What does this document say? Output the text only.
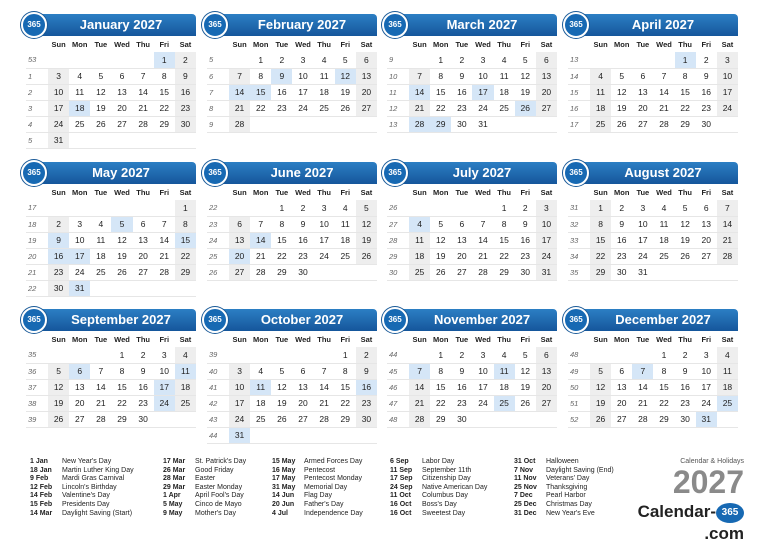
January 2027
365
	Sun	Mon	Tue	Wed	Thu	Fri	Sat
53						1	2
1	3	4	5	6	7	8	9
2	10	11	12	13	14	15	16
3	17	18	19	20	21	22	23
4	24	25	26	27	28	29	30
5	31						
February 2027
365
	Sun	Mon	Tue	Wed	Thu	Fri	Sat
5		1	2	3	4	5	6
6	7	8	9	10	11	12	13
7	14	15	16	17	18	19	20
8	21	22	23	24	25	26	27
9	28						
March 2027
365
	Sun	Mon	Tue	Wed	Thu	Fri	Sat
9		1	2	3	4	5	6
10	7	8	9	10	11	12	13
11	14	15	16	17	18	19	20
12	21	22	23	24	25	26	27
13	28	29	30	31			
April 2027
365
	Sun	Mon	Tue	Wed	Thu	Fri	Sat
13					1	2	3
14	4	5	6	7	8	9	10
15	11	12	13	14	15	16	17
16	18	19	20	21	22	23	24
17	25	26	27	28	29	30	
May 2027
365
	Sun	Mon	Tue	Wed	Thu	Fri	Sat
17							1
18	2	3	4	5	6	7	8
19	9	10	11	12	13	14	15
20	16	17	18	19	20	21	22
21	23	24	25	26	27	28	29
22	30	31					
June 2027
365
	Sun	Mon	Tue	Wed	Thu	Fri	Sat
22			1	2	3	4	5
23	6	7	8	9	10	11	12
24	13	14	15	16	17	18	19
25	20	21	22	23	24	25	26
26	27	28	29	30			
July 2027
365
	Sun	Mon	Tue	Wed	Thu	Fri	Sat
26					1	2	3
27	4	5	6	7	8	9	10
28	11	12	13	14	15	16	17
29	18	19	20	21	22	23	24
30	25	26	27	28	29	30	31
August 2027
365
	Sun	Mon	Tue	Wed	Thu	Fri	Sat
31	1	2	3	4	5	6	7
32	8	9	10	11	12	13	14
33	15	16	17	18	19	20	21
34	22	23	24	25	26	27	28
35	29	30	31				
September 2027
365
	Sun	Mon	Tue	Wed	Thu	Fri	Sat
35				1	2	3	4
36	5	6	7	8	9	10	11
37	12	13	14	15	16	17	18
38	19	20	21	22	23	24	25
39	26	27	28	29	30		
October 2027
365
	Sun	Mon	Tue	Wed	Thu	Fri	Sat
39						1	2
40	3	4	5	6	7	8	9
41	10	11	12	13	14	15	16
42	17	18	19	20	21	22	23
43	24	25	26	27	28	29	30
44	31						
November 2027
365
	Sun	Mon	Tue	Wed	Thu	Fri	Sat
44		1	2	3	4	5	6
45	7	8	9	10	11	12	13
46	14	15	16	17	18	19	20
47	21	22	23	24	25	26	27
48	28	29	30				
December 2027
365
	Sun	Mon	Tue	Wed	Thu	Fri	Sat
48				1	2	3	4
49	5	6	7	8	9	10	11
50	12	13	14	15	16	17	18
51	19	20	21	22	23	24	25
52	26	27	28	29	30	31	
1 Jan New Year's Day
18 Jan Martin Luther King Day
9 Feb Mardi Gras Carnival
12 Feb Lincoln's Birthday
14 Feb Valentine's Day
15 Feb Presidents Day
14 Mar Daylight Saving (Start)
17 Mar St. Patrick's Day
26 Mar Good Friday
28 Mar Easter
29 Mar Easter Monday
1 Apr April Fool's Day
5 May Cinco de Mayo
9 May Mother's Day
15 May Armed Forces Day
16 May Pentecost
17 May Pentecost Monday
31 May Memorial Day
14 Jun Flag Day
20 Jun Father's Day
4 Jul Independence Day
6 Sep Labor Day
11 Sep September 11th
17 Sep Citizenship Day
24 Sep Native American Day
11 Oct Columbus Day
16 Oct Boss's Day
16 Oct Sweetest Day
31 Oct Halloween
7 Nov Daylight Saving (End)
11 Nov Veterans' Day
25 Nov Thanksgiving
7 Dec Pearl Harbor
25 Dec Christmas Day
31 Dec New Year's Eve
Calendar & Holidays
2027
Calendar- 365.com
